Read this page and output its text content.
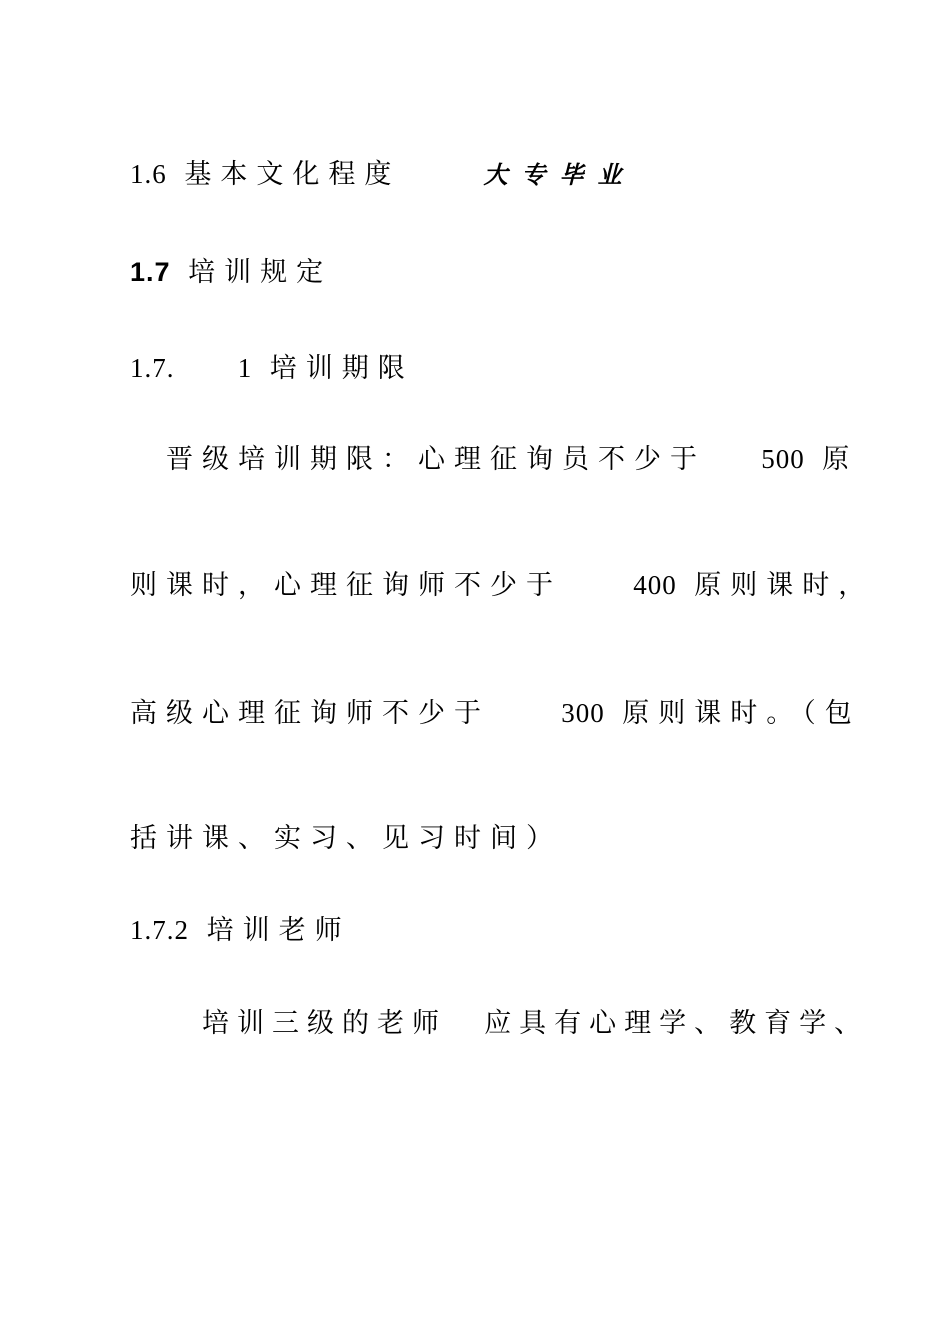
1.6 基本文化程度	大专毕业
1.7 培训规定
1.7. 1 培训期限
晋级培训期限：心理征询员不少于 500 原
则课时，心理征询师不少于	400 原则课时，
高级心理征询师不少于	300 原则课时。（包
括讲课、实习、见习时间）
1.7.2 培训老师
培训三级的老师 应具有心理学、教育学、
